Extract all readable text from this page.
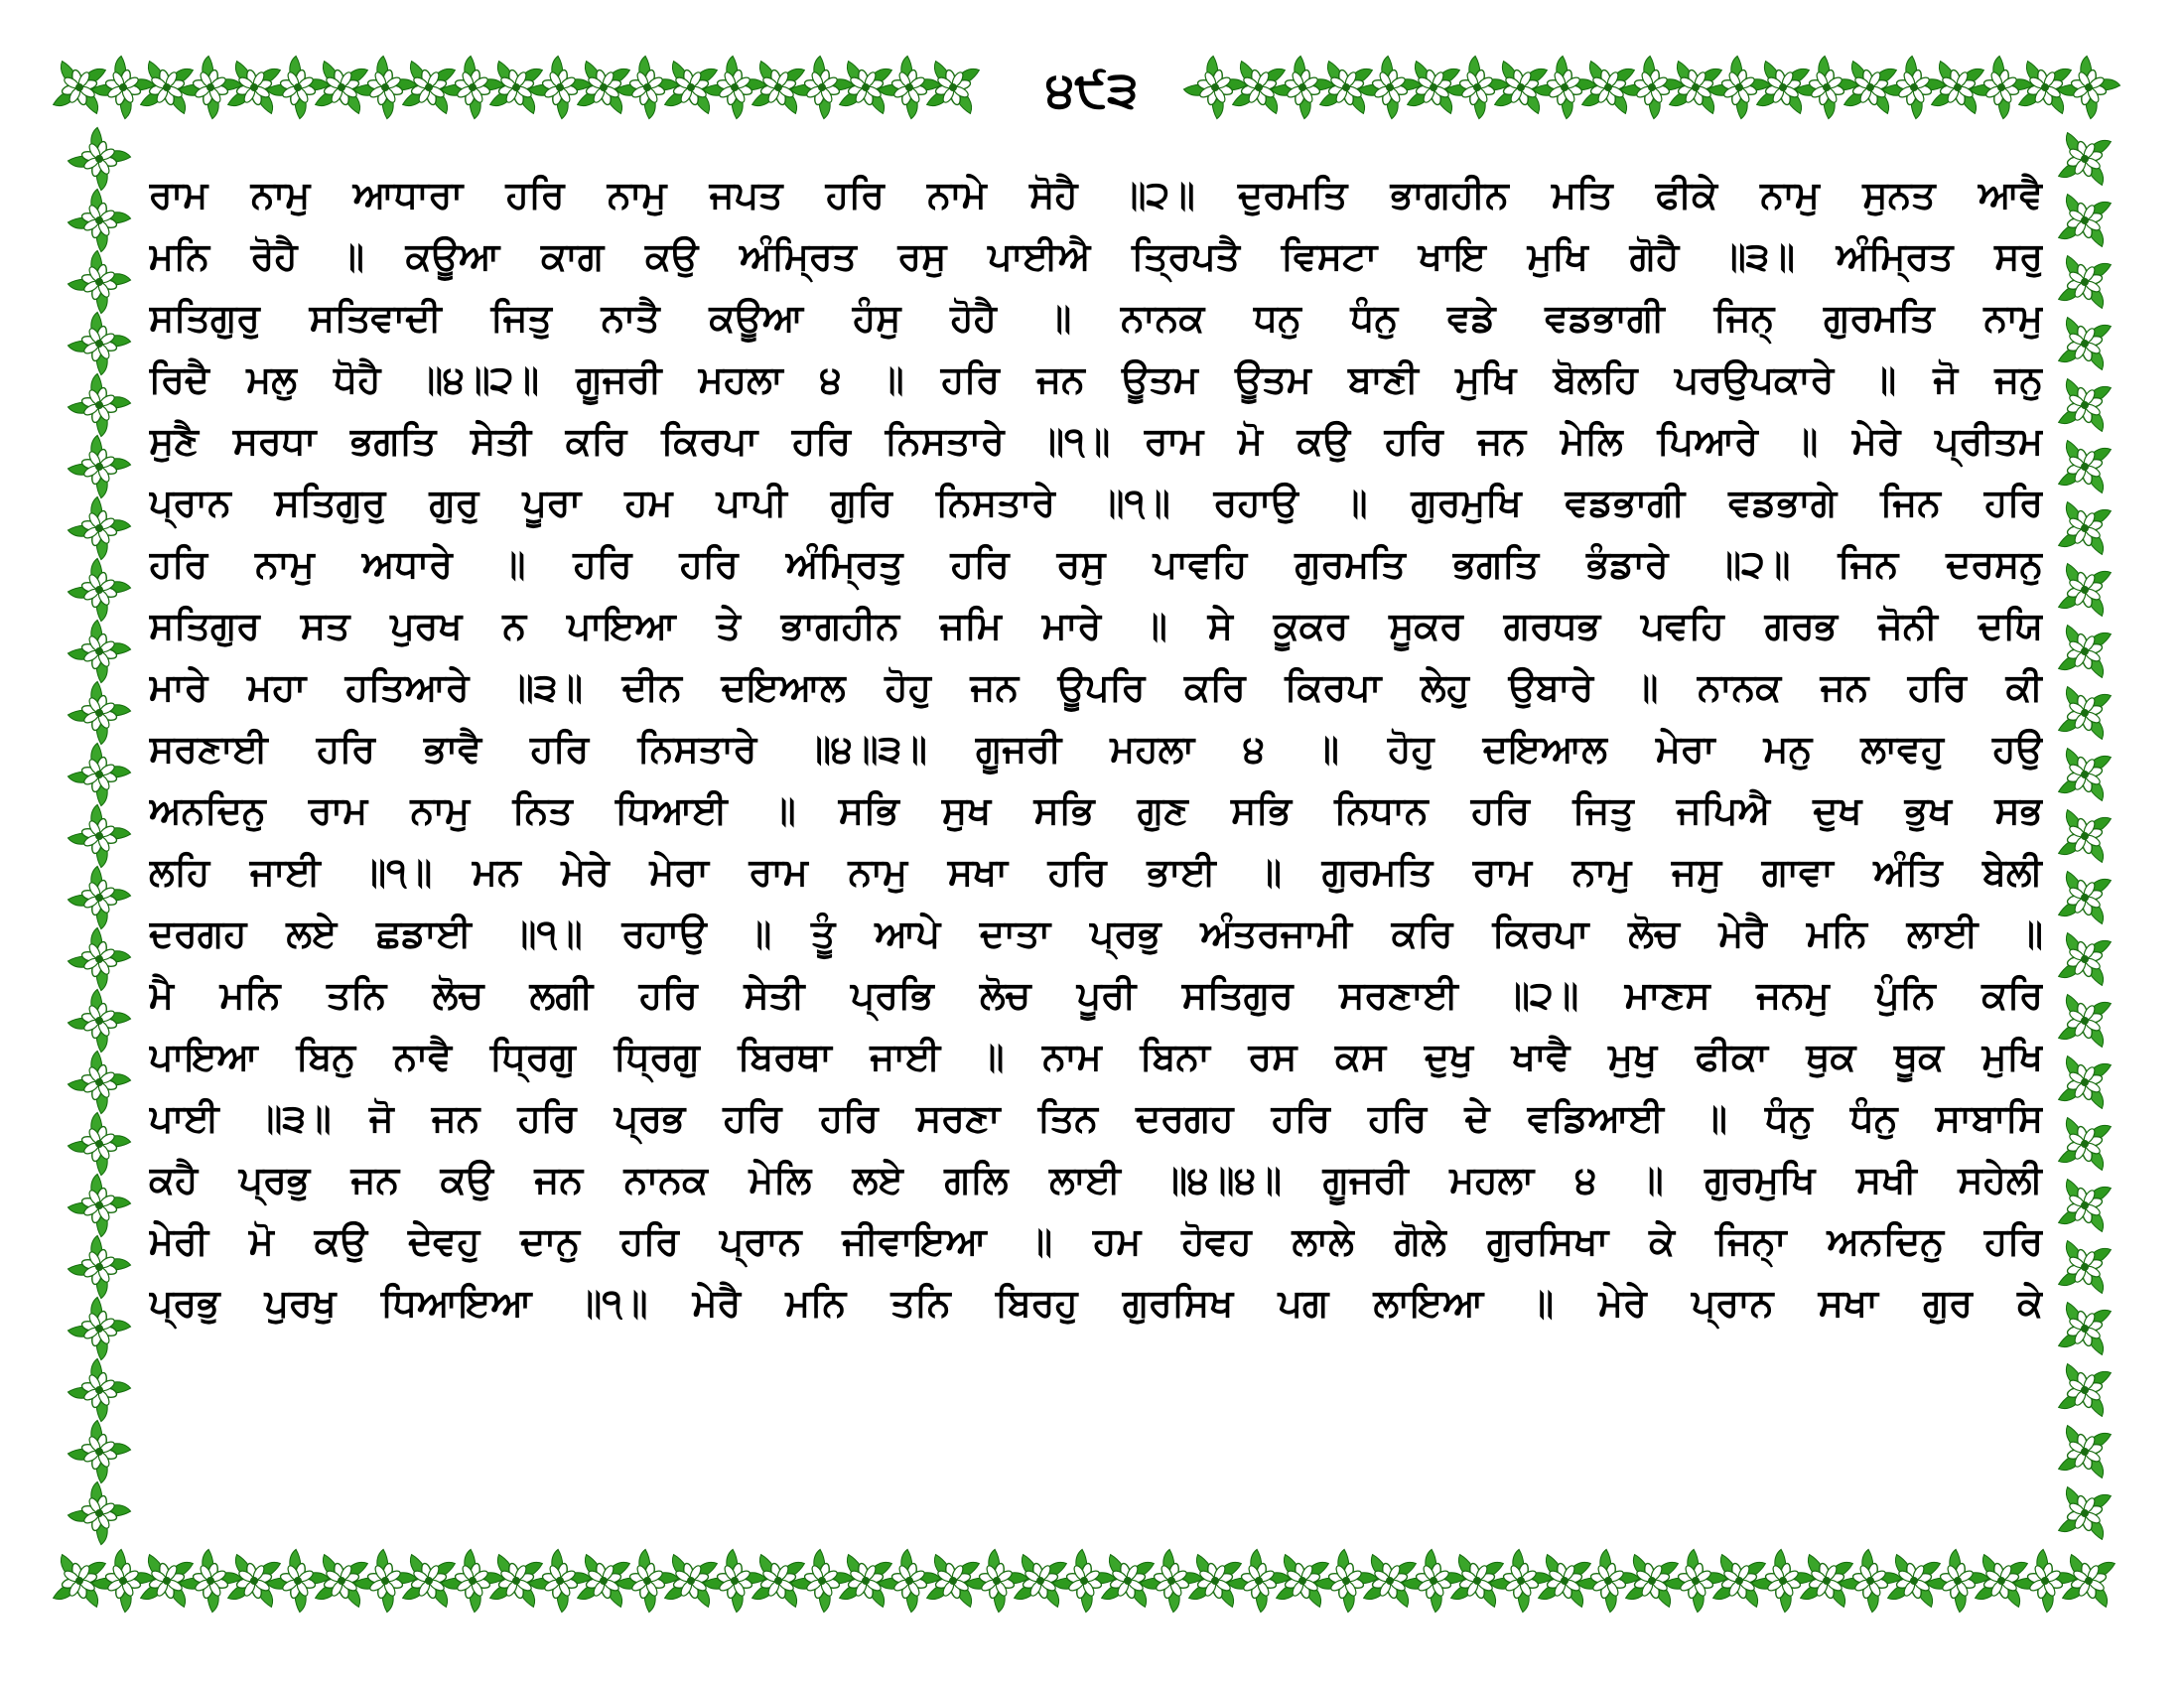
੪੯੩
ਰਾਮ ਨਾਮੁ ਆਧਾਰਾ ਹਰਿ ਨਾਮੁ ਜਪਤ ਹਰਿ ਨਾਮੇ ਸੋਹੈ ॥੨॥ ਦੁਰਮਤਿ ਭਾਗਹੀਨ ਮਤਿ ਫੀਕੇ ਨਾਮੁ ਸੁਨਤ ਆਵੈ
ਮਨਿ ਰੋਹੈ ॥ ਕਊਆ ਕਾਗ ਕਉ ਅੰਮ੍ਰਿਤ ਰਸੁ ਪਾਈਐ ਤ੍ਰਿਪਤੈ ਵਿਸਟਾ ਖਾਇ ਮੁਖਿ ਗੋਹੈ ॥੩॥ ਅੰਮ੍ਰਿਤ ਸਰੁ
ਸਤਿਗੁਰੁ ਸਤਿਵਾਦੀ ਜਿਤੁ ਨਾਤੈ ਕਊਆ ਹੰਸੁ ਹੋਹੈ ॥ ਨਾਨਕ ਧਨੁ ਧੰਨੁ ਵਡੇ ਵਡਭਾਗੀ ਜਿਨ੍ ਗੁਰਮਤਿ ਨਾਮੁ
ਰਿਦੈ ਮਲੁ ਧੋਹੈ ॥੪॥੨॥ ਗੂਜਰੀ ਮਹਲਾ ੪ ॥ ਹਰਿ ਜਨ ਊਤਮ ਊਤਮ ਬਾਣੀ ਮੁਖਿ ਬੋਲਹਿ ਪਰਉਪਕਾਰੇ ॥ ਜੋ ਜਨੁ
ਸੁਣੈ ਸਰਧਾ ਭਗਤਿ ਸੇਤੀ ਕਰਿ ਕਿਰਪਾ ਹਰਿ ਨਿਸਤਾਰੇ ॥੧॥ ਰਾਮ ਮੋ ਕਉ ਹਰਿ ਜਨ ਮੇਲਿ ਪਿਆਰੇ ॥ ਮੇਰੇ ਪ੍ਰੀਤਮ
ਪ੍ਰਾਨ ਸਤਿਗੁਰੁ ਗੁਰੁ ਪੂਰਾ ਹਮ ਪਾਪੀ ਗੁਰਿ ਨਿਸਤਾਰੇ ॥੧॥ ਰਹਾਉ ॥ ਗੁਰਮੁਖਿ ਵਡਭਾਗੀ ਵਡਭਾਗੇ ਜਿਨ ਹਰਿ
ਹਰਿ ਨਾਮੁ ਅਧਾਰੇ ॥ ਹਰਿ ਹਰਿ ਅੰਮ੍ਰਿਤੁ ਹਰਿ ਰਸੁ ਪਾਵਹਿ ਗੁਰਮਤਿ ਭਗਤਿ ਭੰਡਾਰੇ ॥੨॥ ਜਿਨ ਦਰਸਨੁ
ਸਤਿਗੁਰ ਸਤ ਪੁਰਖ ਨ ਪਾਇਆ ਤੇ ਭਾਗਹੀਨ ਜਮਿ ਮਾਰੇ ॥ ਸੇ ਕੂਕਰ ਸੂਕਰ ਗਰਧਭ ਪਵਹਿ ਗਰਭ ਜੋਨੀ ਦਯਿ
ਮਾਰੇ ਮਹਾ ਹਤਿਆਰੇ ॥੩॥ ਦੀਨ ਦਇਆਲ ਹੋਹੁ ਜਨ ਊਪਰਿ ਕਰਿ ਕਿਰਪਾ ਲੇਹੁ ਉਬਾਰੇ ॥ ਨਾਨਕ ਜਨ ਹਰਿ ਕੀ
ਸਰਣਾਈ ਹਰਿ ਭਾਵੈ ਹਰਿ ਨਿਸਤਾਰੇ ॥੪॥੩॥ ਗੂਜਰੀ ਮਹਲਾ ੪ ॥ ਹੋਹੁ ਦਇਆਲ ਮੇਰਾ ਮਨੁ ਲਾਵਹੁ ਹਉ
ਅਨਦਿਨੁ ਰਾਮ ਨਾਮੁ ਨਿਤ ਧਿਆਈ ॥ ਸਭਿ ਸੁਖ ਸਭਿ ਗੁਣ ਸਭਿ ਨਿਧਾਨ ਹਰਿ ਜਿਤੁ ਜਪਿਐ ਦੁਖ ਭੁਖ ਸਭ
ਲਹਿ ਜਾਈ ॥੧॥ ਮਨ ਮੇਰੇ ਮੇਰਾ ਰਾਮ ਨਾਮੁ ਸਖਾ ਹਰਿ ਭਾਈ ॥ ਗੁਰਮਤਿ ਰਾਮ ਨਾਮੁ ਜਸੁ ਗਾਵਾ ਅੰਤਿ ਬੇਲੀ
ਦਰਗਹ ਲਏ ਛਡਾਈ ॥੧॥ ਰਹਾਉ ॥ ਤੂੰ ਆਪੇ ਦਾਤਾ ਪ੍ਰਭੁ ਅੰਤਰਜਾਮੀ ਕਰਿ ਕਿਰਪਾ ਲੋਚ ਮੇਰੈ ਮਨਿ ਲਾਈ ॥
ਮੈ ਮਨਿ ਤਨਿ ਲੋਚ ਲਗੀ ਹਰਿ ਸੇਤੀ ਪ੍ਰਭਿ ਲੋਚ ਪੂਰੀ ਸਤਿਗੁਰ ਸਰਣਾਈ ॥੨॥ ਮਾਣਸ ਜਨਮੁ ਪੁੰਨਿ ਕਰਿ
ਪਾਇਆ ਬਿਨੁ ਨਾਵੈ ਧ੍ਰਿਗੁ ਧ੍ਰਿਗੁ ਬਿਰਥਾ ਜਾਈ ॥ ਨਾਮ ਬਿਨਾ ਰਸ ਕਸ ਦੁਖੁ ਖਾਵੈ ਮੁਖੁ ਫੀਕਾ ਥੁਕ ਥੂਕ ਮੁਖਿ
ਪਾਈ ॥੩॥ ਜੋ ਜਨ ਹਰਿ ਪ੍ਰਭ ਹਰਿ ਹਰਿ ਸਰਣਾ ਤਿਨ ਦਰਗਹ ਹਰਿ ਹਰਿ ਦੇ ਵਡਿਆਈ ॥ ਧੰਨੁ ਧੰਨੁ ਸਾਬਾਸਿ
ਕਹੈ ਪ੍ਰਭੁ ਜਨ ਕਉ ਜਨ ਨਾਨਕ ਮੇਲਿ ਲਏ ਗਲਿ ਲਾਈ ॥੪॥੪॥ ਗੂਜਰੀ ਮਹਲਾ ੪ ॥ ਗੁਰਮੁਖਿ ਸਖੀ ਸਹੇਲੀ
ਮੇਰੀ ਮੋ ਕਉ ਦੇਵਹੁ ਦਾਨੁ ਹਰਿ ਪ੍ਰਾਨ ਜੀਵਾਇਆ ॥ ਹਮ ਹੋਵਹ ਲਾਲੇ ਗੋਲੇ ਗੁਰਸਿਖਾ ਕੇ ਜਿਨਾ੍ ਅਨਦਿਨੁ ਹਰਿ
ਪ੍ਰਭੁ ਪੁਰਖੁ ਧਿਆਇਆ ॥੧॥ ਮੇਰੈ ਮਨਿ ਤਨਿ ਬਿਰਹੁ ਗੁਰਸਿਖ ਪਗ ਲਾਇਆ ॥ ਮੇਰੇ ਪ੍ਰਾਨ ਸਖਾ ਗੁਰ ਕੇ
